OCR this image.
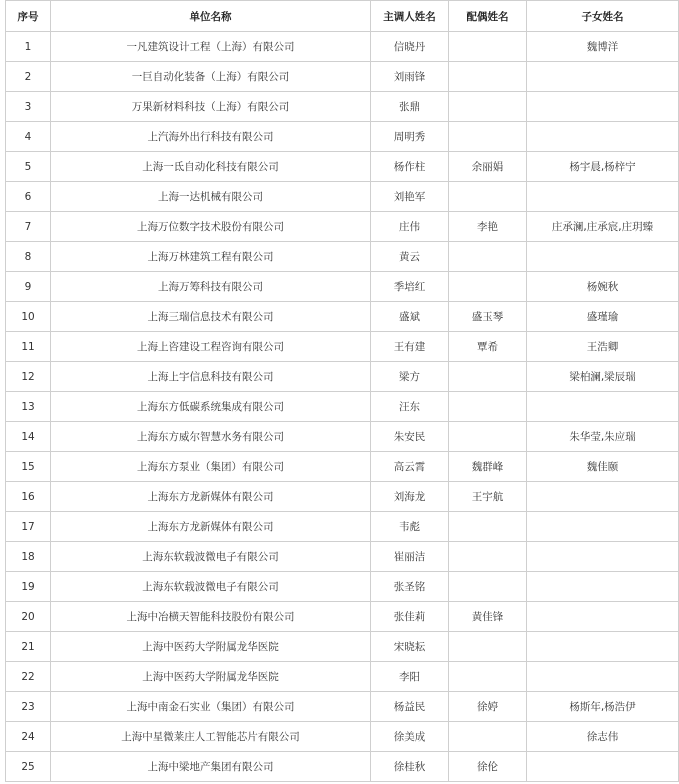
序号	单位名称	主调人姓名	配偶姓名	子女姓名
1	一凡建筑设计工程（上海）有限公司	信晓丹		魏博洋
2	一巨自动化装备（上海）有限公司	刘雨锋		
3	万果新材料科技（上海）有限公司	张鼎		
4	上汽海外出行科技有限公司	周明秀		
5	上海一氐自动化科技有限公司	杨作柱	余丽娟	杨宇晨,杨梓宁
6	上海一达机械有限公司	刘艳军		
7	上海万位数字技术股份有限公司	庄伟	李艳	庄承澜,庄承宸,庄玥臻
8	上海万林建筑工程有限公司	黄云		
9	上海万筹科技有限公司	季培红		杨婉秋
10	上海三瑞信息技术有限公司	盛斌	盛玉琴	盛瑾瑜
11	上海上咨建设工程咨询有限公司	王有建	覃希	王浩卿
12	上海上宇信息科技有限公司	梁方		梁柏澜,梁辰瑞
13	上海东方低碳系统集成有限公司	汪东		
14	上海东方威尔智慧水务有限公司	朱安民		朱华莹,朱应瑞
15	上海东方泵业（集团）有限公司	高云霄	魏群峰	魏佳颐
16	上海东方龙新媒体有限公司	刘海龙	王宇航	
17	上海东方龙新媒体有限公司	韦彪		
18	上海东软载波微电子有限公司	崔丽洁		
19	上海东软载波微电子有限公司	张圣铭		
20	上海中冶横天智能科技股份有限公司	张佳莉	黄佳锋	
21	上海中医药大学附属龙华医院	宋晓耘		
22	上海中医药大学附属龙华医院	李阳		
23	上海中南金石实业（集团）有限公司	杨益民	徐婷	杨斯年,杨浩伊
24	上海中星微莱庄人工智能芯片有限公司	徐美成		徐志伟
25	上海中梁地产集团有限公司	徐桂秋	徐伦	
